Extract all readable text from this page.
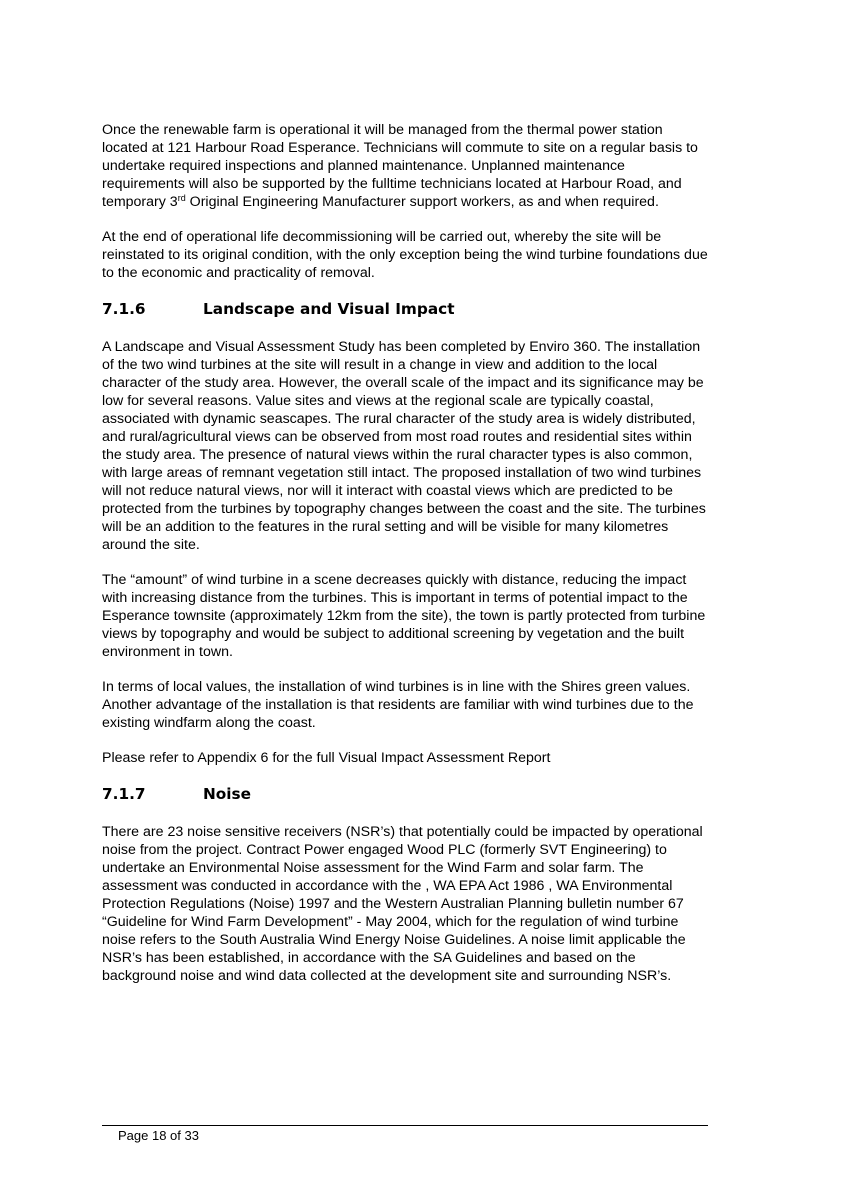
Once the renewable farm is operational it will be managed from the thermal power station located at 121 Harbour Road Esperance. Technicians will commute to site on a regular basis to undertake required inspections and planned maintenance. Unplanned maintenance requirements will also be supported by the fulltime technicians located at Harbour Road, and temporary 3rd Original Engineering Manufacturer support workers, as and when required.

At the end of operational life decommissioning will be carried out, whereby the site will be reinstated to its original condition, with the only exception being the wind turbine foundations due to the economic and practicality of removal.

7.1.6	Landscape and Visual Impact

A Landscape and Visual Assessment Study has been completed by Enviro 360. The installation of the two wind turbines at the site will result in a change in view and addition to the local character of the study area. However, the overall scale of the impact and its significance may be low for several reasons. Value sites and views at the regional scale are typically coastal, associated with dynamic seascapes. The rural character of the study area is widely distributed, and rural/agricultural views can be observed from most road routes and residential sites within the study area. The presence of natural views within the rural character types is also common, with large areas of remnant vegetation still intact. The proposed installation of two wind turbines will not reduce natural views, nor will it interact with coastal views which are predicted to be protected from the turbines by topography changes between the coast and the site. The turbines will be an addition to the features in the rural setting and will be visible for many kilometres around the site.

The “amount” of wind turbine in a scene decreases quickly with distance, reducing the impact with increasing distance from the turbines. This is important in terms of potential impact to the Esperance townsite (approximately 12km from the site), the town is partly protected from turbine views by topography and would be subject to additional screening by vegetation and the built environment in town.

In terms of local values, the installation of wind turbines is in line with the Shires green values. Another advantage of the installation is that residents are familiar with wind turbines due to the existing windfarm along the coast.

Please refer to Appendix 6 for the full Visual Impact Assessment Report

7.1.7	Noise

There are 23 noise sensitive receivers (NSR’s) that potentially could be impacted by operational noise from the project. Contract Power engaged Wood PLC (formerly SVT Engineering) to undertake an Environmental Noise assessment for the Wind Farm and solar farm. The assessment was conducted in accordance with the , WA EPA Act 1986 , WA Environmental Protection Regulations (Noise) 1997 and the Western Australian Planning bulletin number 67 “Guideline for Wind Farm Development” - May 2004, which for the regulation of wind turbine noise refers to the South Australia Wind Energy Noise Guidelines. A noise limit applicable the NSR’s has been established, in accordance with the SA Guidelines and based on the background noise and wind data collected at the development site and surrounding NSR’s.

Page 18 of 33
